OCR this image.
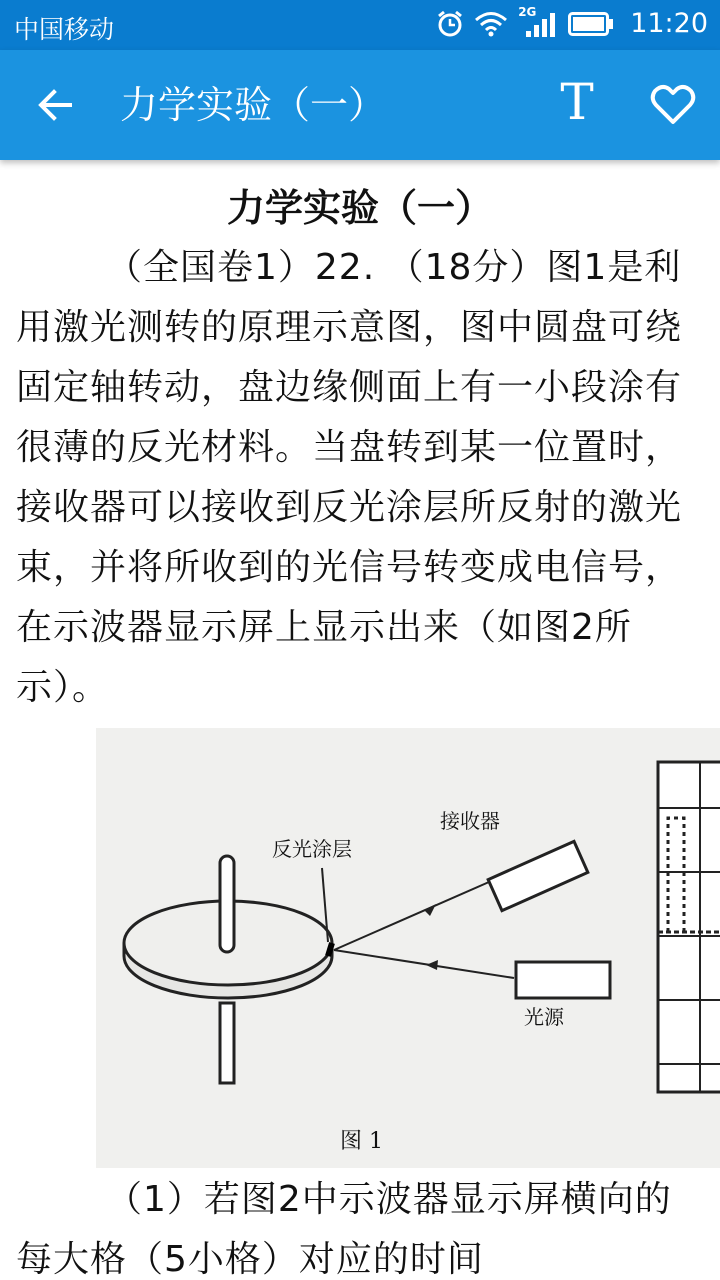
中国移动
2G	11:20
力学实验（一）	T
力学实验（一）
（全国卷1）22. （18分）图1是利用激光测转的原理示意图，图中圆盘可绕固定轴转动，盘边缘侧面上有一小段涂有很薄的反光材料。当盘转到某一位置时，接收器可以接收到反光涂层所反射的激光束，并将所收到的光信号转变成电信号，在示波器显示屏上显示出来（如图2所示）。
反光涂层
接收器
光源
图 1
（1）若图2中示波器显示屏横向的每大格（5小格）对应的时间
